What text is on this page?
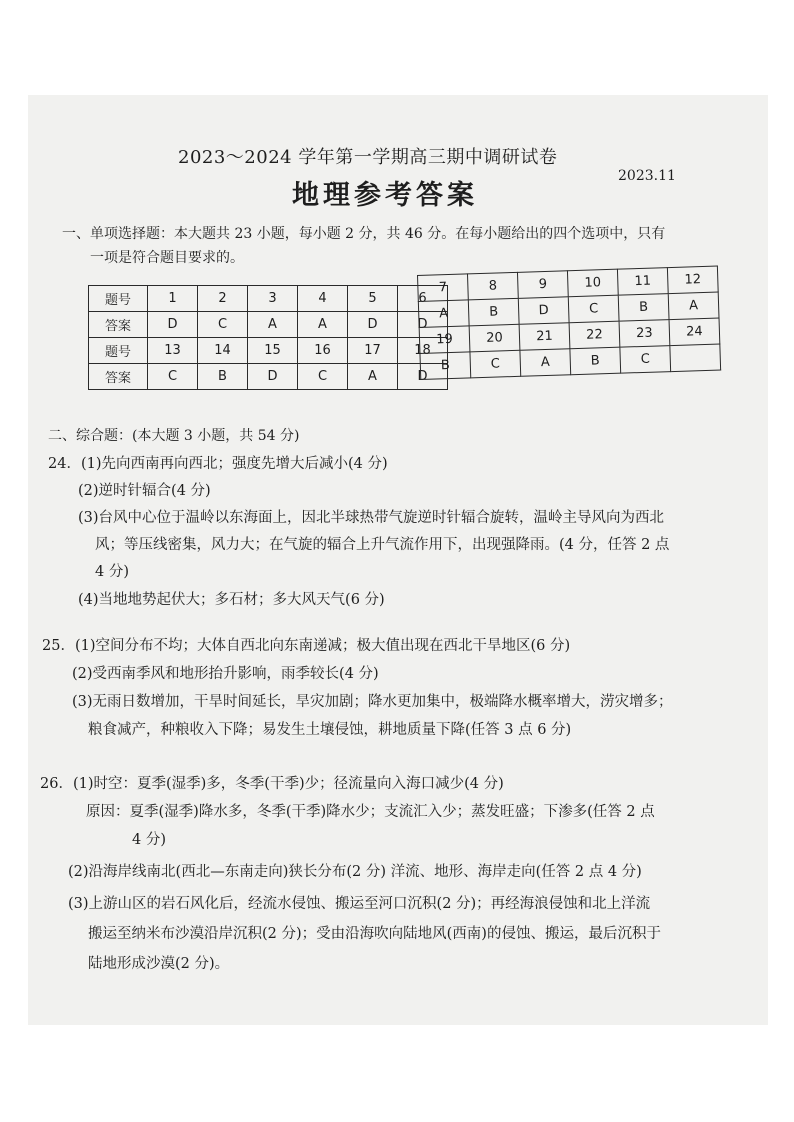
2023～2024 学年第一学期高三期中调研试卷
地理参考答案
2023.11
一、单项选择题：本大题共 23 小题，每小题 2 分，共 46 分。在每小题给出的四个选项中，只有
一项是符合题目要求的。
题号	1	2	3	4	5	6
答案	D	C	A	A	D	D
题号	13	14	15	16	17	18
答案	C	B	D	C	A	D
7	8	9	10	11	12
A	B	D	C	B	A
19	20	21	22	23	24
B	C	A	B	C	
二、综合题：(本大题 3 小题，共 54 分)
24．(1)先向西南再向西北；强度先增大后减小(4 分)
(2)逆时针辐合(4 分)
(3)台风中心位于温岭以东海面上，因北半球热带气旋逆时针辐合旋转，温岭主导风向为西北
风；等压线密集，风力大；在气旋的辐合上升气流作用下，出现强降雨。(4 分，任答 2 点
4 分)
(4)当地地势起伏大；多石材；多大风天气(6 分)
25．(1)空间分布不均；大体自西北向东南递减；极大值出现在西北干旱地区(6 分)
(2)受西南季风和地形抬升影响，雨季较长(4 分)
(3)无雨日数增加，干旱时间延长，旱灾加剧；降水更加集中，极端降水概率增大，涝灾增多；
粮食减产，种粮收入下降；易发生土壤侵蚀，耕地质量下降(任答 3 点 6 分)
26．(1)时空：夏季(湿季)多，冬季(干季)少；径流量向入海口减少(4 分)
原因：夏季(湿季)降水多，冬季(干季)降水少；支流汇入少；蒸发旺盛；下渗多(任答 2 点
4 分)
(2)沿海岸线南北(西北—东南走向)狭长分布(2 分) 洋流、地形、海岸走向(任答 2 点 4 分)
(3)上游山区的岩石风化后，经流水侵蚀、搬运至河口沉积(2 分)；再经海浪侵蚀和北上洋流
搬运至纳米布沙漠沿岸沉积(2 分)；受由沿海吹向陆地风(西南)的侵蚀、搬运，最后沉积于
陆地形成沙漠(2 分)。
